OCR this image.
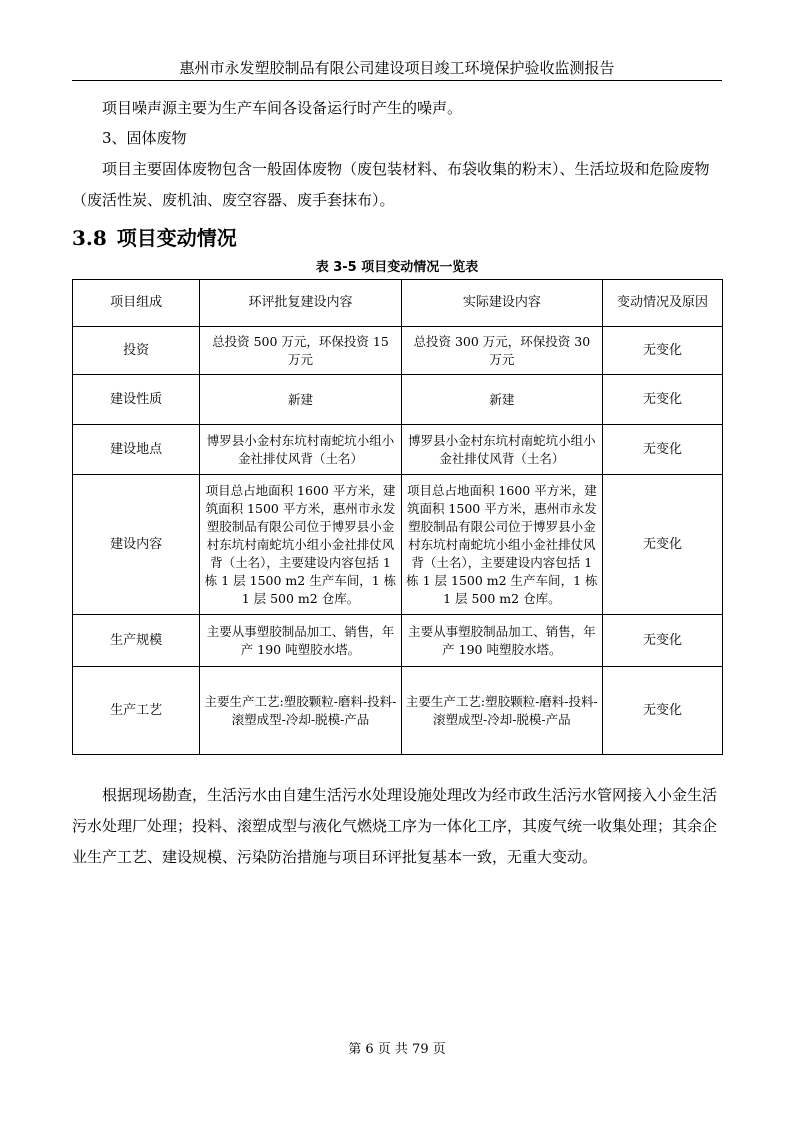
惠州市永发塑胶制品有限公司建设项目竣工环境保护验收监测报告

项目噪声源主要为生产车间各设备运行时产生的噪声。

3、固体废物

项目主要固体废物包含一般固体废物（废包装材料、布袋收集的粉末）、生活垃圾和危险废物（废活性炭、废机油、废空容器、废手套抹布）。

3.8 项目变动情况
表 3-5 项目变动情况一览表
项目组成	环评批复建设内容	实际建设内容	变动情况及原因
投资	总投资 500 万元，环保投资 15 万元	总投资 300 万元，环保投资 30 万元	无变化
建设性质	新建	新建	无变化
建设地点	博罗县小金村东坑村南蛇坑小组小金社排仗风背（土名）	博罗县小金村东坑村南蛇坑小组小金社排仗风背（土名）	无变化
建设内容	项目总占地面积 1600 平方米，建筑面积 1500 平方米，惠州市永发塑胶制品有限公司位于博罗县小金村东坑村南蛇坑小组小金社排仗风背（土名），主要建设内容包括 1 栋 1 层 1500 m2 生产车间，1 栋 1 层 500 m2 仓库。	项目总占地面积 1600 平方米，建筑面积 1500 平方米，惠州市永发塑胶制品有限公司位于博罗县小金村东坑村南蛇坑小组小金社排仗风背（土名），主要建设内容包括 1 栋 1 层 1500 m2 生产车间，1 栋 1 层 500 m2 仓库。	无变化
生产规模	主要从事塑胶制品加工、销售，年产 190 吨塑胶水塔。	主要从事塑胶制品加工、销售，年产 190 吨塑胶水塔。	无变化
生产工艺	主要生产工艺:塑胶颗粒-磨料-投料-滚塑成型-冷却-脱模-产品	主要生产工艺:塑胶颗粒-磨料-投料-滚塑成型-冷却-脱模-产品	无变化

根据现场勘查，生活污水由自建生活污水处理设施处理改为经市政生活污水管网接入小金生活污水处理厂处理；投料、滚塑成型与液化气燃烧工序为一体化工序，其废气统一收集处理；其余企业生产工艺、建设规模、污染防治措施与项目环评批复基本一致，无重大变动。

第 6 页 共 79 页
